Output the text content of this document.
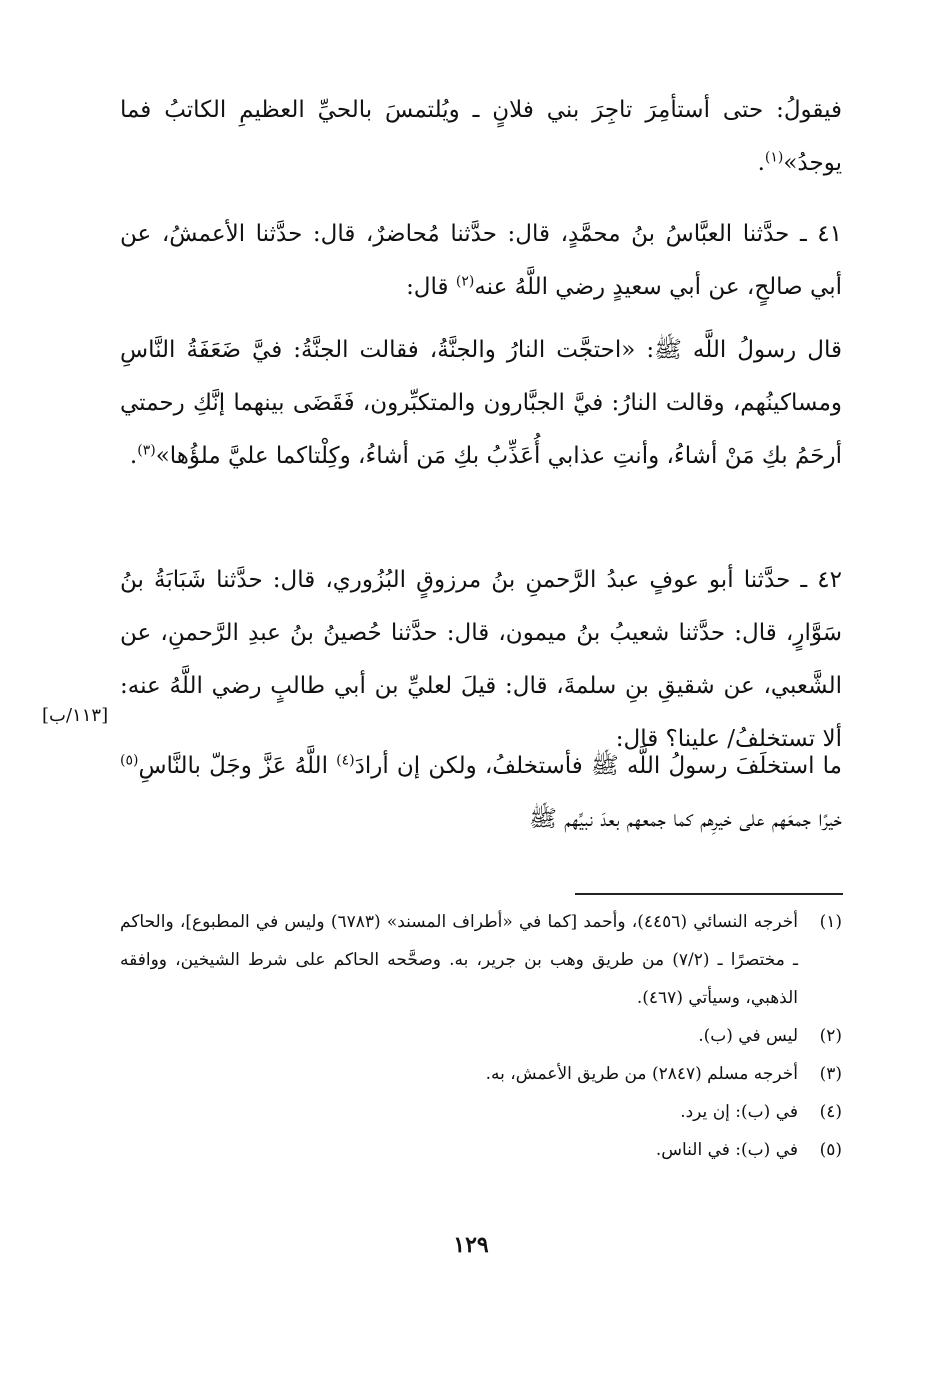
فيقولُ: حتى أستأمِرَ تاجِرَ بني فلانٍ ـ ويُلتمسَ بالحيِّ العظيمِ الكاتبُ فما يوجدُ»$^{(١)}$.

٤١ ـ حدَّثنا العبَّاسُ بنُ محمَّدٍ، قال: حدَّثنا مُحاضرٌ، قال: حدَّثنا الأعمشُ، عن أبي صالحٍ، عن أبي سعيدٍ رضي اللَّهُ عنه$^{(٢)}$ قال:

قال رسولُ اللَّه ﷺ: «احتجَّت النارُ والجنَّةُ، فقالت الجنَّةُ: فيَّ ضَعَفَةُ النَّاسِ ومساكينُهم، وقالت النارُ: فيَّ الجبَّارون والمتكبِّرون، فَقَضَى بينهما إنَّكِ رحمتي أرحَمُ بكِ مَنْ أشاءُ، وأنتِ عذابي أُعَذِّبُ بكِ مَن أشاءُ، وكِلْتاكما عليَّ ملؤُها»$^{(٣)}$.

٤٢ ـ حدَّثنا أبو عوفٍ عبدُ الرَّحمنِ بنُ مرزوقٍ البُزُوري، قال: حدَّثنا شَبَابَةُ بنُ سَوَّارٍ، قال: حدَّثنا شعيبُ بنُ ميمون، قال: حدَّثنا حُصينُ بنُ عبدِ الرَّحمنِ، عن الشَّعبي، عن شقيقِ بنِ سلمةَ، قال: قيلَ لعليِّ بن أبي طالبٍ رضي اللَّهُ عنه: ألا تستخلفُ/ علينا؟ قال:

[١١٣/ب]

ما استخلَفَ رسولُ اللَّه ﷺ فأستخلفُ، ولكن إن أرادَ$^{(٤)}$ اللَّهُ عَزَّ وجَلّ بالنَّاسِ$^{(٥)}$ خيرًا جمعَهم على خيرِهم كما جمعهم بعدَ نبيِّهم ﷺ

(١)
أخرجه النسائي (٤٤٥٦)، وأحمد [كما في «أطراف المسند» (٦٧٨٣) وليس في المطبوع]، والحاكم ـ مختصرًا ـ (٧/٢) من طريق وهب بن جرير، به. وصحَّحه الحاكم على شرط الشيخين، ووافقه الذهبي، وسيأتي (٤٦٧).
(٢)
ليس في (ب).
(٣)
أخرجه مسلم (٢٨٤٧) من طريق الأعمش، به.
(٤)
في (ب): إن يرد.
(٥)
في (ب): في الناس.
١٢٩
